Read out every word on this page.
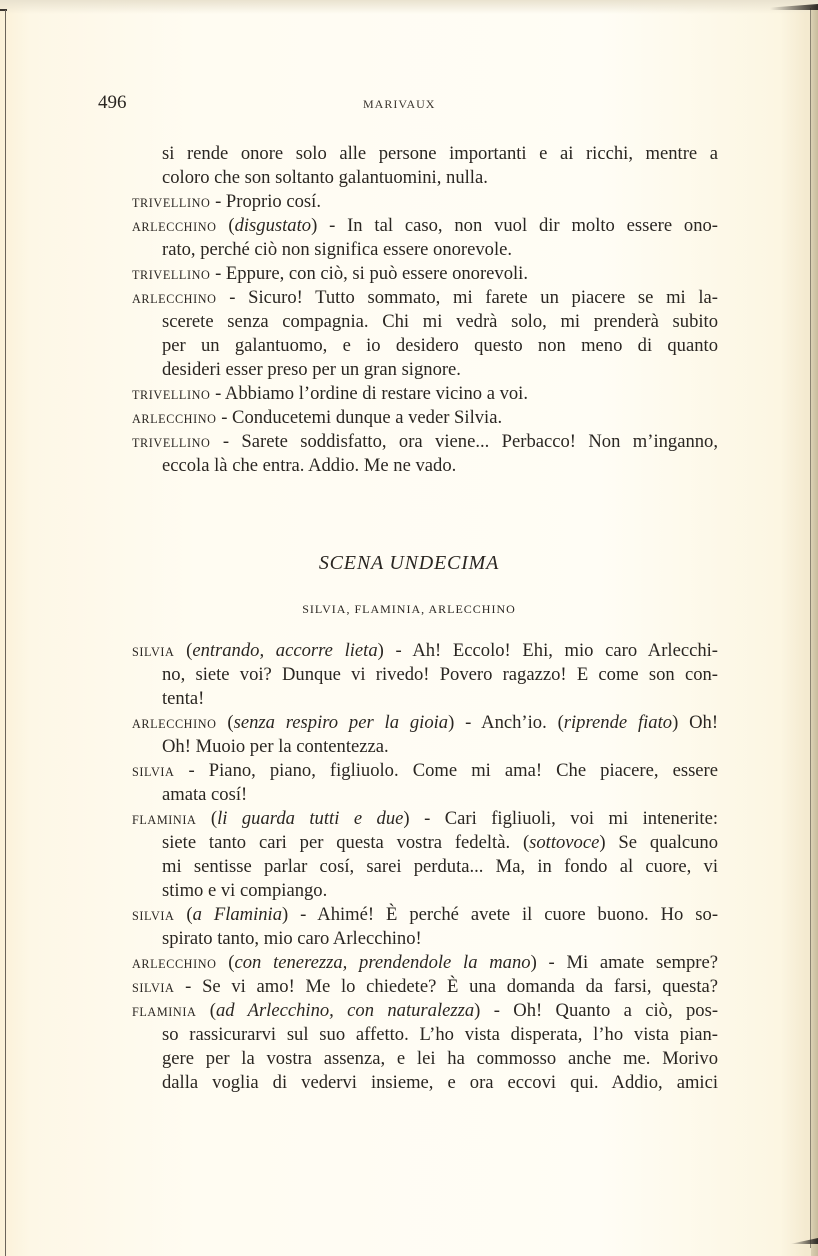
496	MARIVAUX
si rende onore solo alle persone importanti e ai ricchi, mentre a
coloro che son soltanto galantuomini, nulla.
TRIVELLINO - Proprio cosí.
ARLECCHINO (disgustato) - In tal caso, non vuol dir molto essere ono-
rato, perché ciò non significa essere onorevole.
TRIVELLINO - Eppure, con ciò, si può essere onorevoli.
ARLECCHINO - Sicuro! Tutto sommato, mi farete un piacere se mi la-
scerete senza compagnia. Chi mi vedrà solo, mi prenderà subito
per un galantuomo, e io desidero questo non meno di quanto
desideri esser preso per un gran signore.
TRIVELLINO - Abbiamo l’ordine di restare vicino a voi.
ARLECCHINO - Conducetemi dunque a veder Silvia.
TRIVELLINO - Sarete soddisfatto, ora viene... Perbacco! Non m’inganno,
eccola là che entra. Addio. Me ne vado.
SCENA UNDECIMA
SILVIA, FLAMINIA, ARLECCHINO
SILVIA (entrando, accorre lieta) - Ah! Eccolo! Ehi, mio caro Arlecchi-
no, siete voi? Dunque vi rivedo! Povero ragazzo! E come son con-
tenta!
ARLECCHINO (senza respiro per la gioia) - Anch’io. (riprende fiato) Oh!
Oh! Muoio per la contentezza.
SILVIA - Piano, piano, figliuolo. Come mi ama! Che piacere, essere
amata cosí!
FLAMINIA (li guarda tutti e due) - Cari figliuoli, voi mi intenerite:
siete tanto cari per questa vostra fedeltà. (sottovoce) Se qualcuno
mi sentisse parlar cosí, sarei perduta... Ma, in fondo al cuore, vi
stimo e vi compiango.
SILVIA (a Flaminia) - Ahimé! È perché avete il cuore buono. Ho so-
spirato tanto, mio caro Arlecchino!
ARLECCHINO (con tenerezza, prendendole la mano) - Mi amate sempre?
SILVIA - Se vi amo! Me lo chiedete? È una domanda da farsi, questa?
FLAMINIA (ad Arlecchino, con naturalezza) - Oh! Quanto a ciò, pos-
so rassicurarvi sul suo affetto. L’ho vista disperata, l’ho vista pian-
gere per la vostra assenza, e lei ha commosso anche me. Morivo
dalla voglia di vedervi insieme, e ora eccovi qui. Addio, amici
